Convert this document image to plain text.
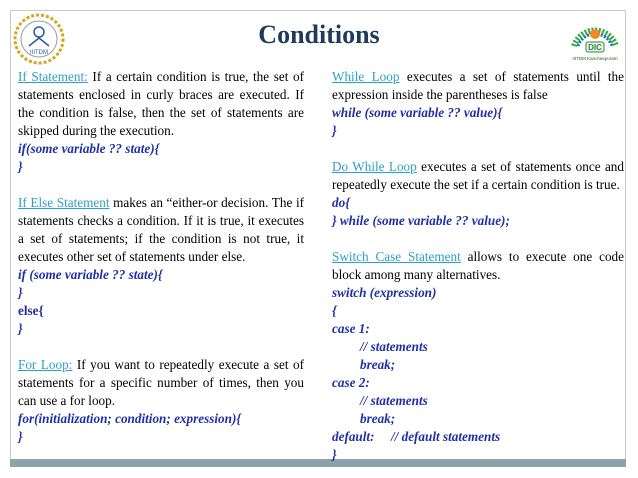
IIITDM
DIC
IIITDM Kancheepuram
Conditions

If Statement: If a certain condition is true, the set of statements enclosed in curly braces are executed. If the condition is false, then the set of statements are skipped during the execution.

if(some variable ?? state){

}

If Else Statement makes an “either-or decision. The if statements checks a condition. If it is true, it executes a set of statements; if the condition is not true, it executes other set of statements under else.

if (some variable ?? state){

}

else{

}

For Loop: If you want to repeatedly execute a set of statements for a specific number of times, then you can use a for loop.

for(initialization; condition; expression){

}

While Loop executes a set of statements until the expression inside the parentheses is false

while (some variable ?? value){

}

Do While Loop executes a set of statements once and repeatedly execute the set if a certain condition is true.

do{

} while (some variable ?? value);

Switch Case Statement allows to execute one code block among many alternatives.

switch (expression)

{

case 1:

// statements

break;

case 2:

// statements

break;

default:     // default statements

}
